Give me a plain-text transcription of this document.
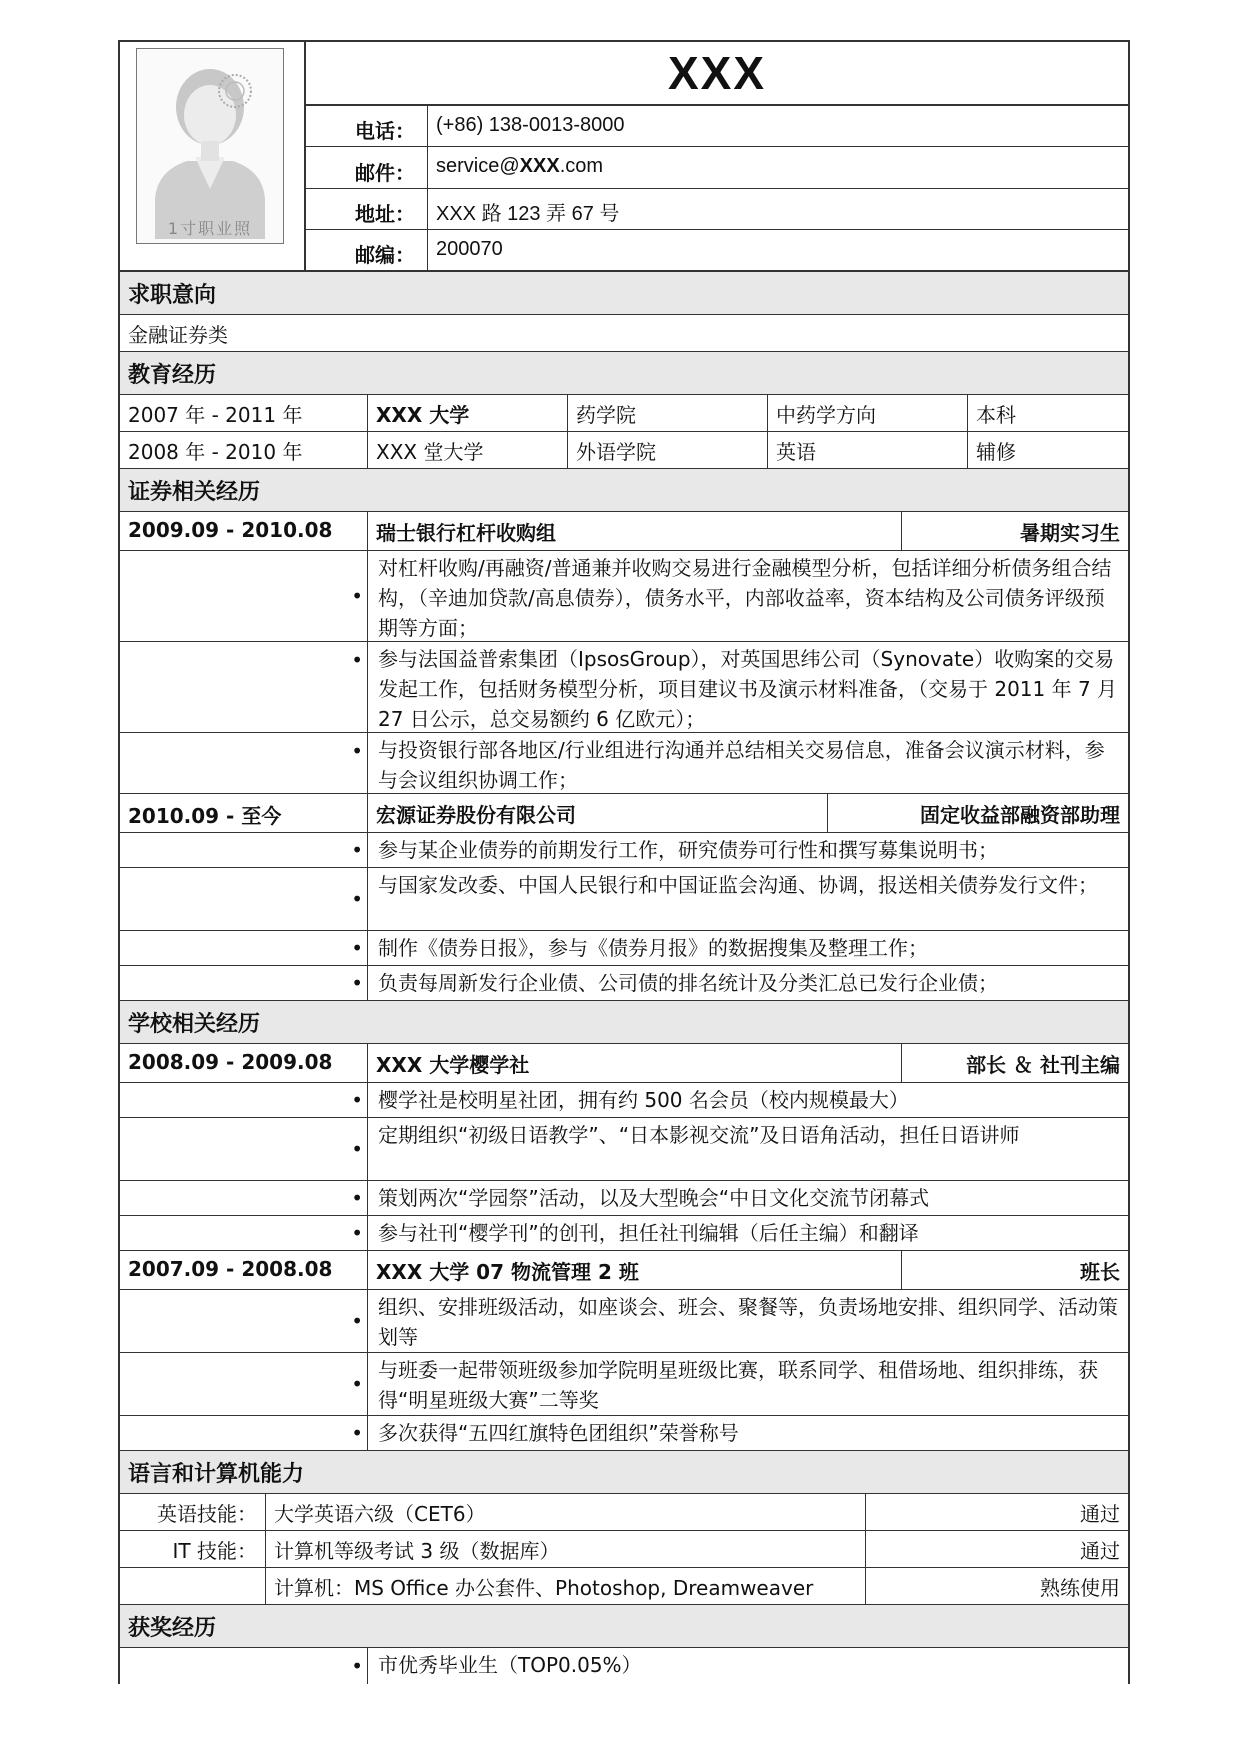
1寸职业照
XXX
电话：	(+86) 138-0013-8000
邮件：	service@XXX.com
地址：	XXX 路 123 弄 67 号
邮编：	200070
求职意向
金融证券类
教育经历
2007 年 - 2011 年	XXX 大学	药学院	中药学方向	本科
2008 年 - 2010 年	XXX 堂大学	外语学院	英语	辅修
证券相关经历
2009.09 - 2010.08	瑞士银行杠杆收购组	暑期实习生
•
对杠杆收购/再融资/普通兼并收购交易进行金融模型分析，包括详细分析债务组合结构，（辛迪加贷款/高息债券），债务水平，内部收益率，资本结构及公司债务评级预期等方面；
• 参与法国益普索集团（IpsosGroup），对英国思纬公司（Synovate）收购案的交易发起工作，包括财务模型分析，项目建议书及演示材料准备，（交易于 2011 年 7 月 27 日公示，总交易额约 6 亿欧元）；
• 与投资银行部各地区/行业组进行沟通并总结相关交易信息，准备会议演示材料，参与会议组织协调工作；
2010.09 - 至今	宏源证券股份有限公司	固定收益部融资部助理
• 参与某企业债券的前期发行工作，研究债券可行性和撰写募集说明书；
•
与国家发改委、中国人民银行和中国证监会沟通、协调，报送相关债券发行文件；
• 制作《债券日报》，参与《债券月报》的数据搜集及整理工作；
• 负责每周新发行企业债、公司债的排名统计及分类汇总已发行企业债；
学校相关经历
2008.09 - 2009.08	XXX 大学樱学社	部长 ＆ 社刊主编
• 樱学社是校明星社团，拥有约 500 名会员（校内规模最大）
•
定期组织“初级日语教学”、“日本影视交流”及日语角活动，担任日语讲师
• 策划两次“学园祭”活动，以及大型晚会“中日文化交流节闭幕式
• 参与社刊“樱学刊”的创刊，担任社刊编辑（后任主编）和翻译
2007.09 - 2008.08	XXX 大学 07 物流管理 2 班	班长
•
组织、安排班级活动，如座谈会、班会、聚餐等，负责场地安排、组织同学、活动策划等
•
与班委一起带领班级参加学院明星班级比赛，联系同学、租借场地、组织排练，获得“明星班级大赛”二等奖
• 多次获得“五四红旗特色团组织”荣誉称号
语言和计算机能力
英语技能： 大学英语六级（CET6）	通过
IT 技能： 计算机等级考试 3 级（数据库）	通过
计算机：MS Office 办公套件、Photoshop, Dreamweaver	熟练使用
获奖经历
• 市优秀毕业生（TOP0.05%）
